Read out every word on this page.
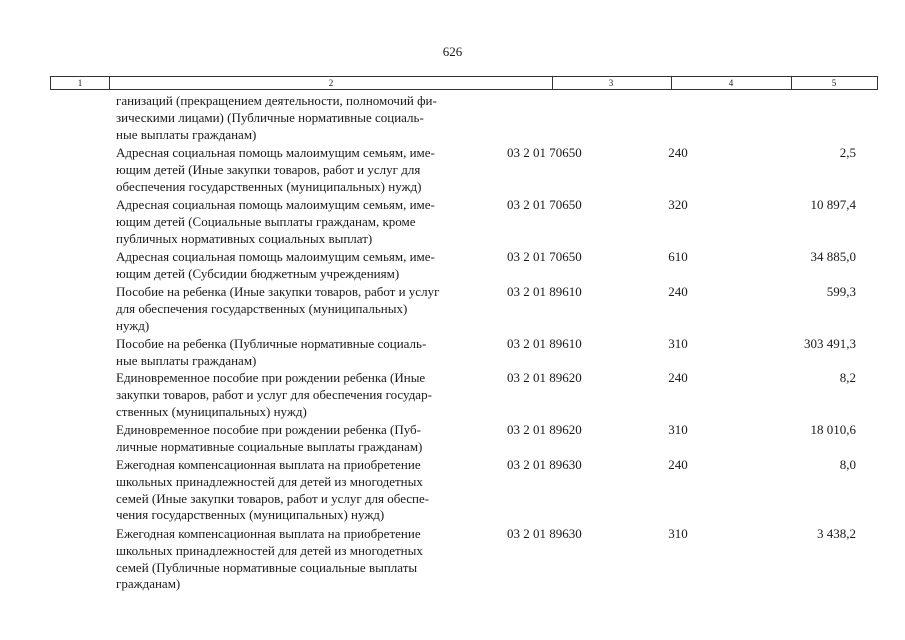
626
1	2	3	4	5
ганизаций (прекращением деятельности, полномочий фи-
зическими лицами) (Публичные нормативные социаль-
ные выплаты гражданам)
Адресная социальная помощь малоимущим семьям, име-
ющим детей (Иные закупки товаров, работ и услуг для
обеспечения государственных (муниципальных) нужд)
03 2 01 70650	240	2,5
Адресная социальная помощь малоимущим семьям, име-
ющим детей (Социальные выплаты гражданам, кроме
публичных нормативных социальных выплат)
03 2 01 70650	320	10 897,4
Адресная социальная помощь малоимущим семьям, име-
ющим детей (Субсидии бюджетным учреждениям)
03 2 01 70650	610	34 885,0
Пособие на ребенка (Иные закупки товаров, работ и услуг
для обеспечения государственных (муниципальных)
нужд)
03 2 01 89610	240	599,3
Пособие на ребенка (Публичные нормативные социаль-
ные выплаты гражданам)
03 2 01 89610	310	303 491,3
Единовременное пособие при рождении ребенка (Иные
закупки товаров, работ и услуг для обеспечения государ-
ственных (муниципальных) нужд)
03 2 01 89620	240	8,2
Единовременное пособие при рождении ребенка (Пуб-
личные нормативные социальные выплаты гражданам)
03 2 01 89620	310	18 010,6
Ежегодная компенсационная выплата на приобретение
школьных принадлежностей для детей из многодетных
семей (Иные закупки товаров, работ и услуг для обеспе-
чения государственных (муниципальных) нужд)
03 2 01 89630	240	8,0
Ежегодная компенсационная выплата на приобретение
школьных принадлежностей для детей из многодетных
семей (Публичные нормативные социальные выплаты
гражданам)
03 2 01 89630	310	3 438,2
